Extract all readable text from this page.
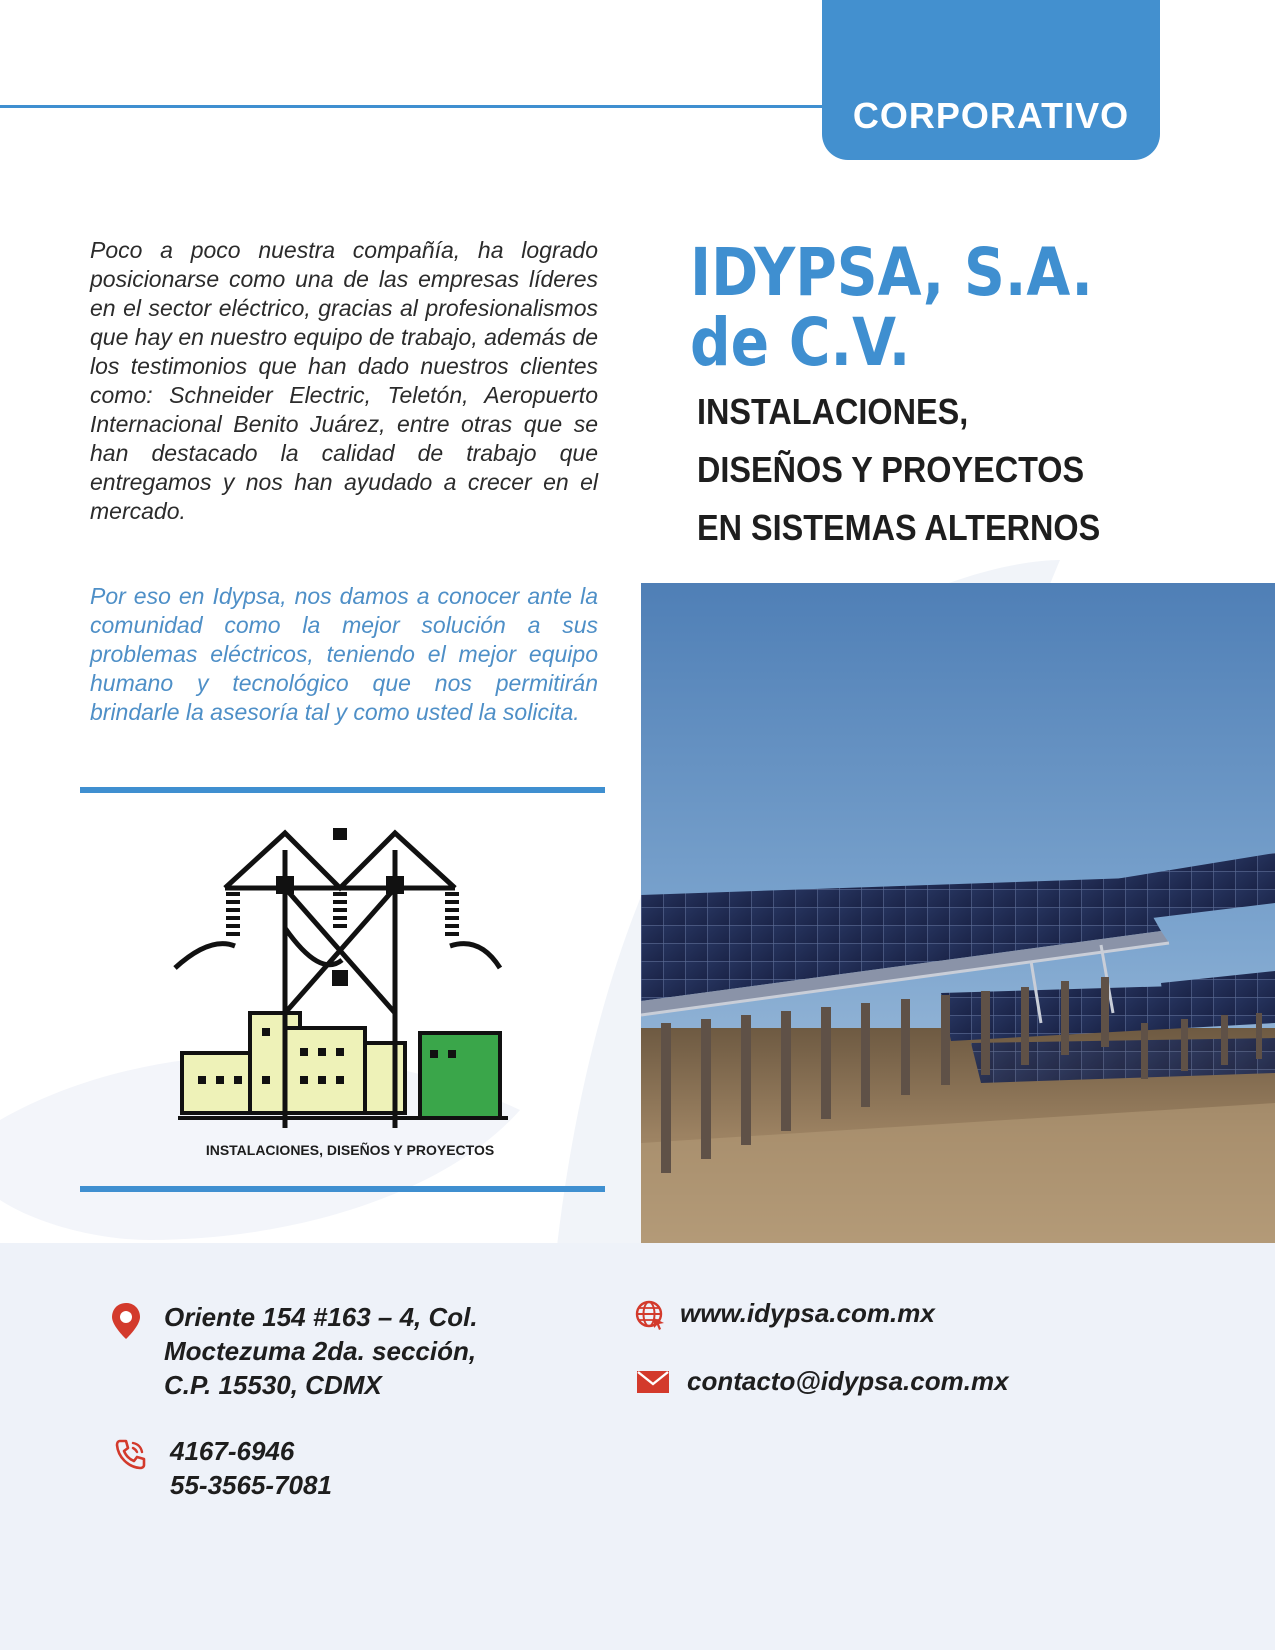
CORPORATIVO

Poco a poco nuestra compañía, ha logrado posicionarse como una de las empresas líderes en el sector eléctrico, gracias al profesionalismos que hay en nuestro equipo de trabajo, además de los testimonios que han dado nuestros clientes como: Schneider Electric, Teletón, Aeropuerto Internacional Benito Juárez, entre otras que se han destacado la calidad de trabajo que entregamos y nos han ayudado a crecer en el mercado.

Por eso en Idypsa, nos damos a conocer ante la comunidad como la mejor solución a sus problemas eléctricos, teniendo el mejor equipo humano y tecnológico que nos permitirán brindarle la asesoría tal y como usted la solicita.

IDYPSA, S.A.
de C.V.
INSTALACIONES,
DISEÑOS Y PROYECTOS
EN SISTEMAS ALTERNOS
INSTALACIONES, DISEÑOS Y PROYECTOS
Oriente 154 #163 – 4, Col.
Moctezuma 2da. sección,
C.P. 15530, CDMX
4167-6946
55-3565-7081
www.idypsa.com.mx
contacto@idypsa.com.mx
